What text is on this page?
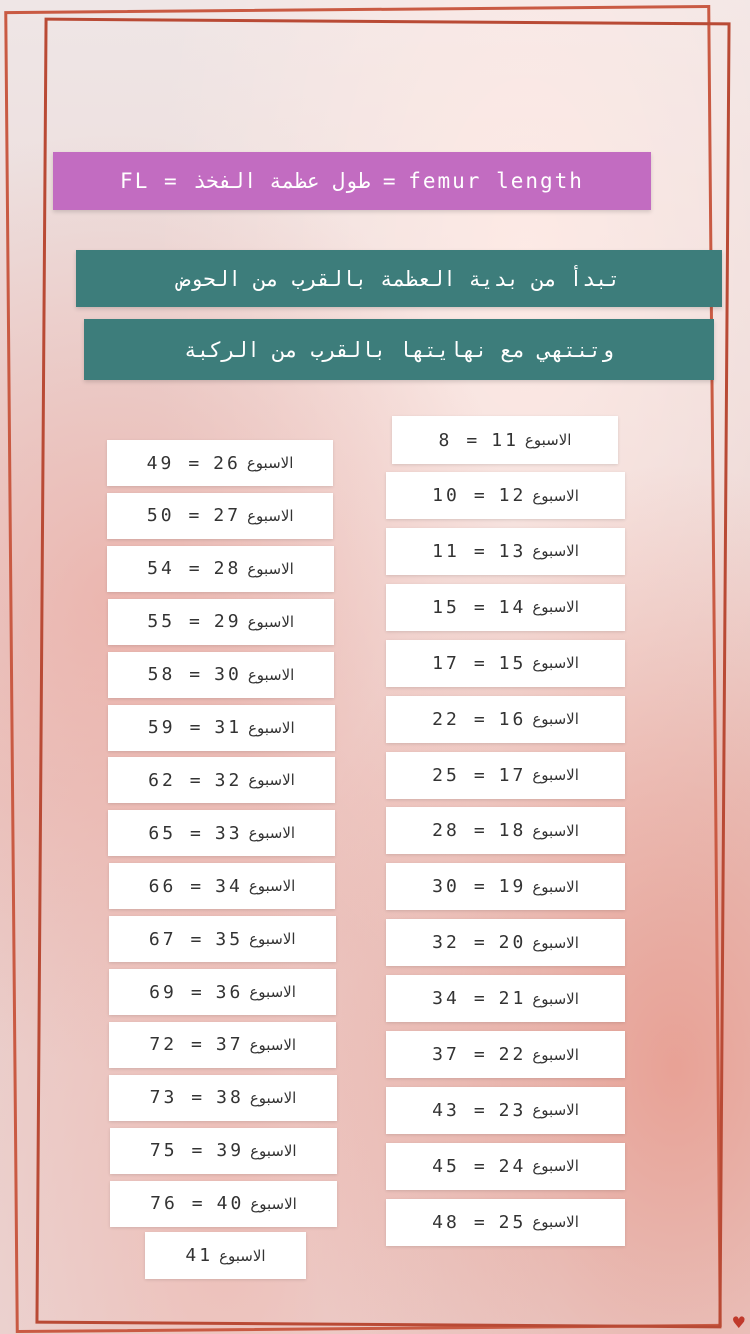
FL = طول عظمة الفخذ = femur length
تبدأ من بدية العظمة بالقرب من الحوض
وتنتهي مع نهايتها بالقرب من الركبة
8 = 11 الاسبوع
10 = 12 الاسبوع
11 = 13 الاسبوع
15 = 14 الاسبوع
17 = 15 الاسبوع
22 = 16 الاسبوع
25 = 17 الاسبوع
28 = 18 الاسبوع
30 = 19 الاسبوع
32 = 20 الاسبوع
34 = 21 الاسبوع
37 = 22 الاسبوع
43 = 23 الاسبوع
45 = 24 الاسبوع
48 = 25 الاسبوع
49 = 26 الاسبوع
50 = 27 الاسبوع
54 = 28 الاسبوع
55 = 29 الاسبوع
58 = 30 الاسبوع
59 = 31 الاسبوع
62 = 32 الاسبوع
65 = 33 الاسبوع
66 = 34 الاسبوع
67 = 35 الاسبوع
69 = 36 الاسبوع
72 = 37 الاسبوع
73 = 38 الاسبوع
75 = 39 الاسبوع
76 = 40 الاسبوع
41 الاسبوع
♥
